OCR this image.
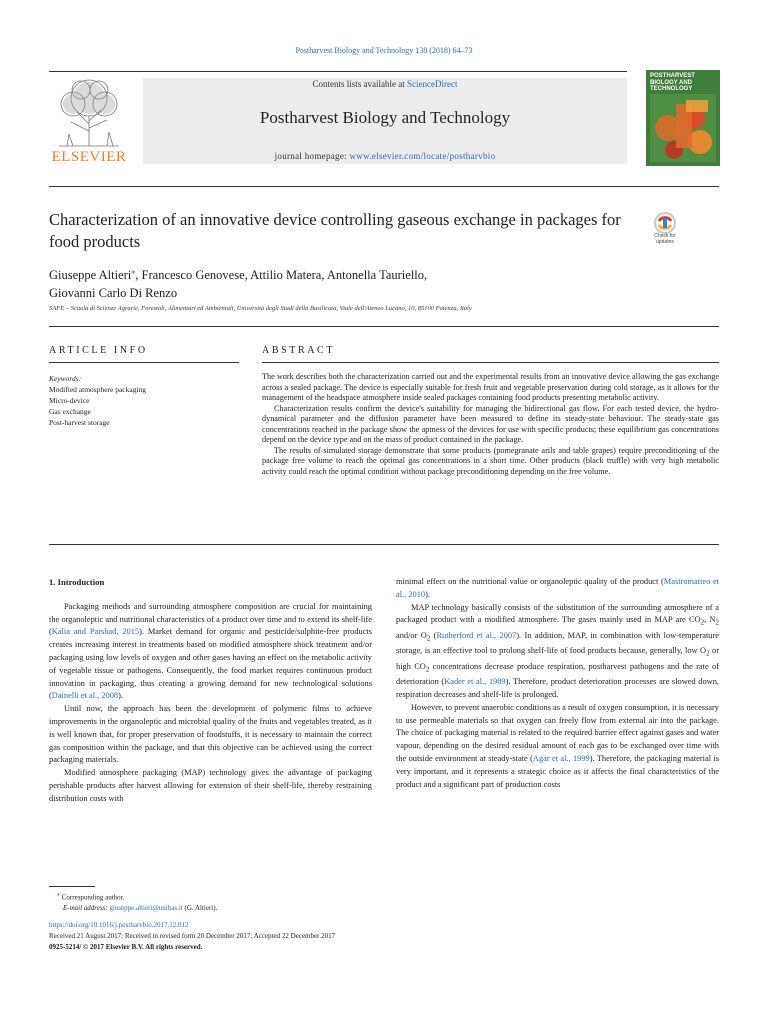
Postharvest Biology and Technology 138 (2018) 64–73
ELSEVIER
Contents lists available at ScienceDirect
Postharvest Biology and Technology
journal homepage: www.elsevier.com/locate/postharvbio
POSTHARVEST BIOLOGY AND TECHNOLOGY
Characterization of an innovative device controlling gaseous exchange in packages for food products	Check for updates
Giuseppe Altieri⁎, Francesco Genovese, Attilio Matera, Antonella Tauriello,
Giovanni Carlo Di Renzo
SAFE – Scuola di Scienze Agrarie, Forestali, Alimentari ed Ambientali, Università degli Studi della Basilicata, Viale dell'Ateneo Lucano, 10, 85100 Potenza, Italy
ARTICLE INFO	ABSTRACT
Keywords:
Modified atmosphere packaging
Micro-device
Gas exchange
Post-harvest storage

The work describes both the characterization carried out and the experimental results from an innovative device allowing the gas exchange across a sealed package. The device is especially suitable for fresh fruit and vegetable preservation during cold storage, as it allows for the management of the headspace atmosphere inside sealed packages containing food products presenting metabolic activity.

Characterization results confirm the device's suitability for managing the bidirectional gas flow. For each tested device, the hydro-dynamical parameter and the diffusion parameter have been measured to define its steady-state behaviour. The steady-state gas concentrations reached in the package show the aptness of the devices for use with specific products; these equilibrium gas concentrations depend on the device type and on the mass of product contained in the package.

The results of simulated storage demonstrate that some products (pomegranate arils and table grapes) require preconditioning of the package free volume to reach the optimal gas concentrations in a short time. Other products (black truffle) with very high metabolic activity could reach the optimal condition without package preconditioning depending on the free volume.

1. Introduction

Packaging methods and surrounding atmosphere composition are crucial for maintaining the organoleptic and nutritional characteristics of a product over time and to extend its shelf-life (Kalia and Parshad, 2015). Market demand for organic and pesticide/sulphite-free products creates increasing interest in treatments based on modified atmosphere shock treatment and/or packaging using low levels of oxygen and other gases having an effect on the metabolic activity of vegetable tissue or pathogens. Consequently, the food market requires continuous product innovation in packaging, thus creating a growing demand for new technological solutions (Dainelli et al., 2008).

Until now, the approach has been the development of polymeric films to achieve improvements in the organoleptic and microbial quality of the fruits and vegetables treated, as it is well known that, for proper preservation of foodstuffs, it is necessary to maintain the correct gas composition within the package, and that this objective can be achieved using the correct packaging materials.

Modified atmosphere packaging (MAP) technology gives the advantage of packaging perishable products after harvest allowing for extension of their shelf-life, thereby restraining distribution costs with

minimal effect on the nutritional value or organoleptic quality of the product (Mastromatteo et al., 2010).

MAP technology basically consists of the substitution of the surrounding atmosphere of a packaged product with a modified atmosphere. The gases mainly used in MAP are $CO_2$, $N_2$ and/or $O_2$ (Rutherford et al., 2007). In addition, MAP, in combination with low-temperature storage, is an effective tool to prolong shelf-life of food products because, generally, low $O_2$ or high $CO_2$ concentrations decrease produce respiration, postharvest pathogens and the rate of deterioration (Kader et al., 1989). Therefore, product deterioration processes are slowed down, respiration decreases and shelf-life is prolonged.

However, to prevent anaerobic conditions as a result of oxygen consumption, it is necessary to use permeable materials so that oxygen can freely flow from external air into the package. The choice of packaging material is related to the required barrier effect against gases and water vapour, depending on the desired residual amount of each gas to be exchanged over time with the outside environment at steady-state (Agar et al., 1999). Therefore, the packaging material is very important, and it represents a strategic choice as it affects the final characteristics of the product and a significant part of production costs

⁎ Corresponding author.
E-mail address: giuseppe.altieri@unibas.it (G. Altieri).
https://doi.org/10.1016/j.postharvbio.2017.12.012
Received 21 August 2017; Received in revised form 20 December 2017; Accepted 22 December 2017
0925-5214/ © 2017 Elsevier B.V. All rights reserved.
